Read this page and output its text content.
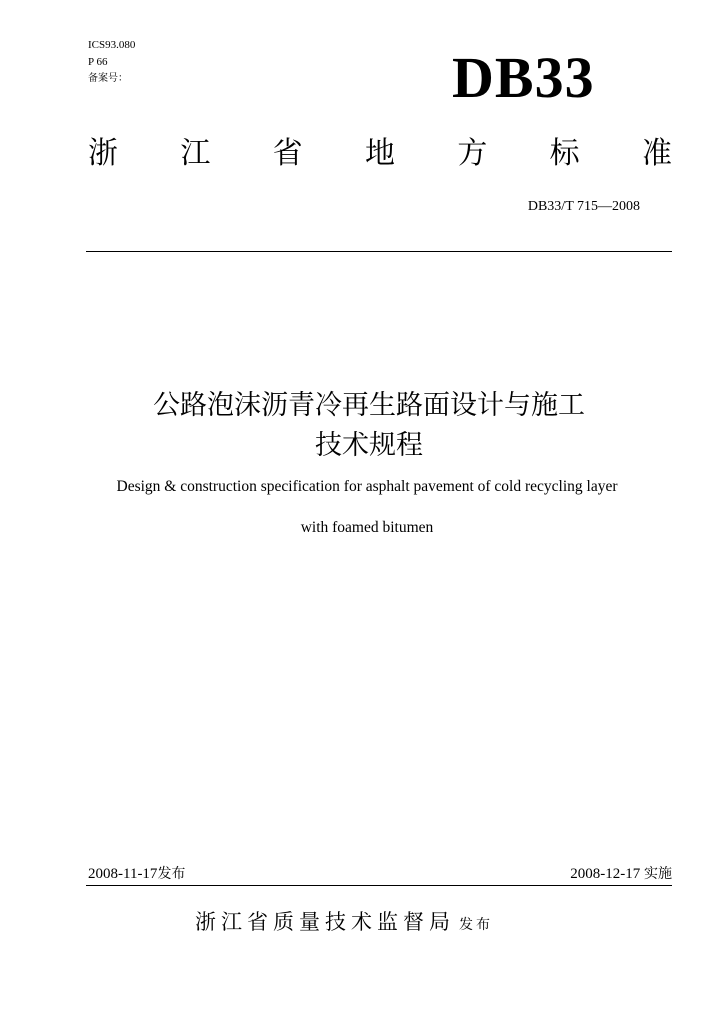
ICS93.080
P 66
备案号：	DB33
浙 江 省 地 方 标 准
DB33/T 715—2008
公路泡沫沥青冷再生路面设计与施工
技术规程
Design & construction specification for asphalt pavement of cold recycling layer
with foamed bitumen
2008-11-17发布	2008-12-17 实施
浙江省质量技术监督局 发布
